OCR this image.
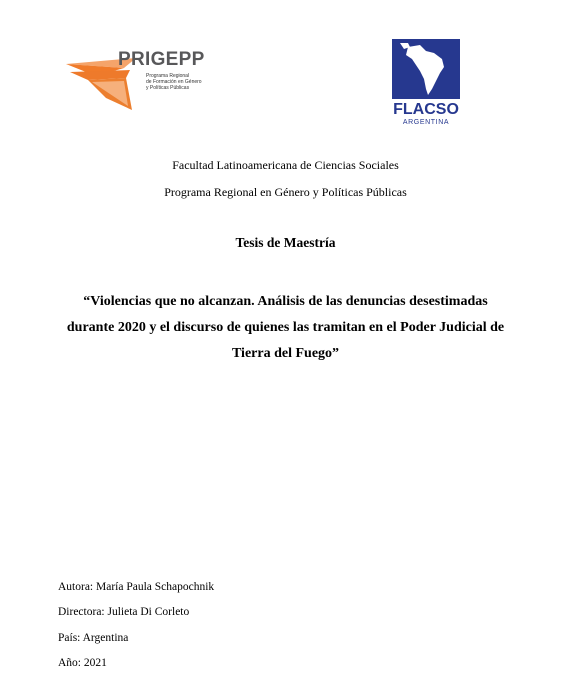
PRIGEPP
Programa Regional
de Formación en Género
y Políticas Públicas
FLACSO
ARGENTINA
Facultad Latinoamericana de Ciencias Sociales
Programa Regional en Género y Políticas Públicas
Tesis de Maestría
“Violencias que no alcanzan. Análisis de las denuncias desestimadas
durante 2020 y el discurso de quienes las tramitan en el Poder Judicial de
Tierra del Fuego”
Autora: María Paula Schapochnik
Directora: Julieta Di Corleto
País: Argentina
Año: 2021
